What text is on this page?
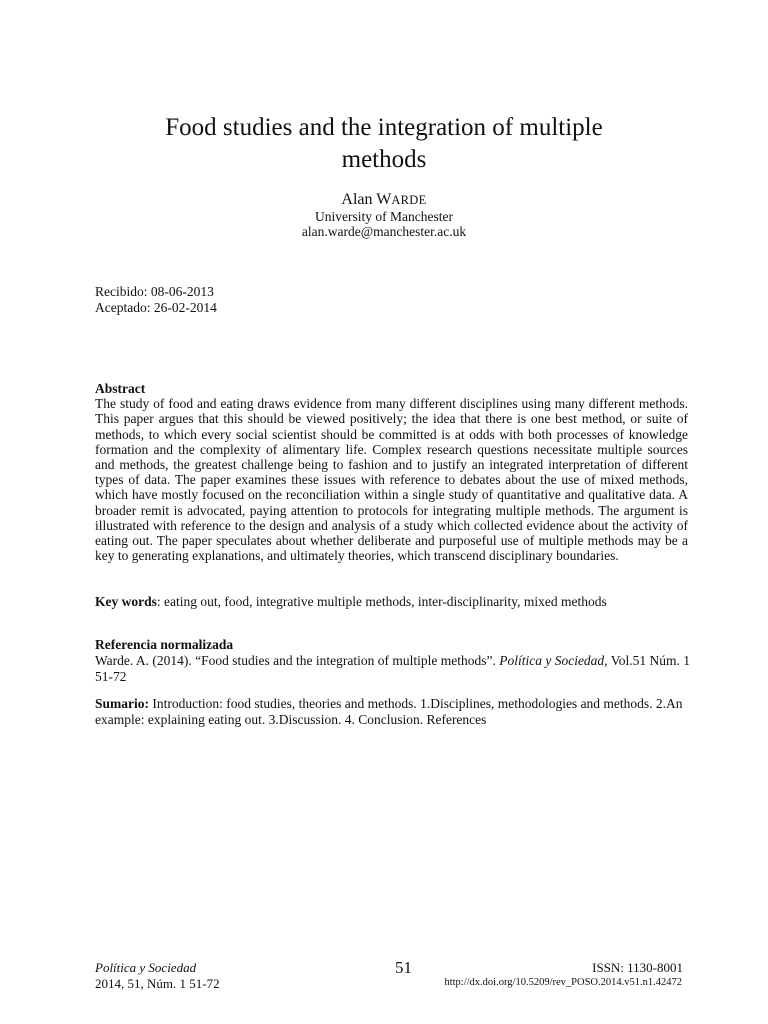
Food studies and the integration of multiple
methods
Alan WARDE
University of Manchester
alan.warde@manchester.ac.uk
Recibido: 08-06-2013
Aceptado: 26-02-2014
Abstract
The study of food and eating draws evidence from many different disciplines using many different methods. This paper argues that this should be viewed positively; the idea that there is one best method, or suite of methods, to which every social scientist should be committed is at odds with both processes of knowledge formation and the complexity of alimentary life. Complex research questions necessitate multiple sources and methods, the greatest challenge being to fashion and to justify an integrated interpretation of different types of data. The paper examines these issues with reference to debates about the use of mixed methods, which have mostly focused on the reconciliation within a single study of quantitative and qualitative data. A broader remit is advocated, paying attention to protocols for integrating multiple methods. The argument is illustrated with reference to the design and analysis of a study which collected evidence about the activity of eating out. The paper speculates about whether deliberate and purposeful use of multiple methods may be a key to generating explanations, and ultimately theories, which transcend disciplinary boundaries.
Key words: eating out, food, integrative multiple methods, inter-disciplinarity, mixed methods
Referencia normalizada
Warde. A. (2014). “Food studies and the integration of multiple methods”. Política y Sociedad, Vol.51 Núm. 1 51-72
Sumario: Introduction: food studies, theories and methods. 1.Disciplines, methodologies and methods. 2.An example: explaining eating out. 3.Discussion. 4. Conclusion. References
Política y Sociedad
2014, 51, Núm. 1 51-72
51	ISSN: 1130-8001
http://dx.doi.org/10.5209/rev_POSO.2014.v51.n1.42472
